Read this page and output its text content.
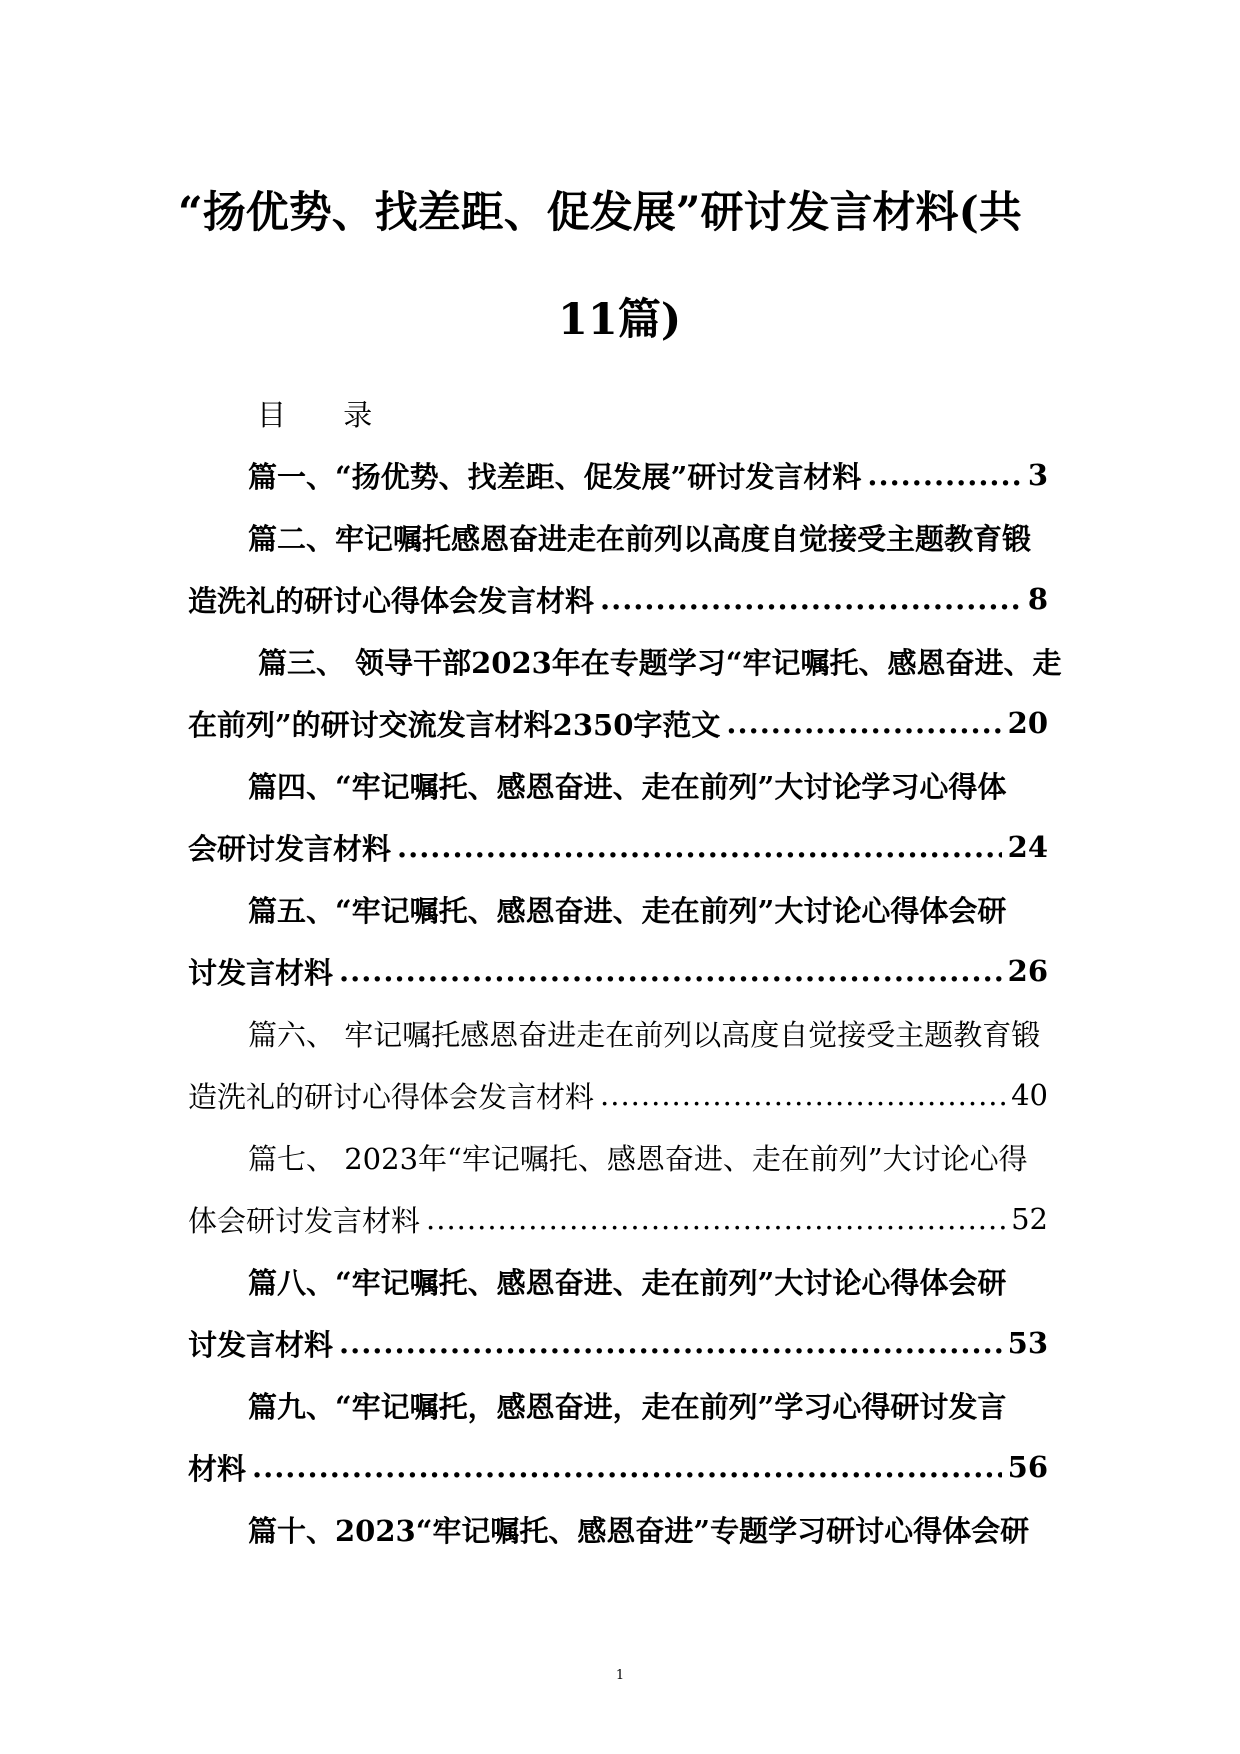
“扬优势、找差距、促发展”研讨发言材料(共
11篇)
目 录
篇一、“扬优势、找差距、促发展”研讨发言材料 .....	3
篇二、牢记嘱托感恩奋进走在前列以高度自觉接受主题教育锻
造洗礼的研讨心得体会发言材料 .....	8
篇三、 领导干部2023年在专题学习“牢记嘱托、感恩奋进、走
在前列”的研讨交流发言材料2350字范文 .....	20
篇四、“牢记嘱托、感恩奋进、走在前列”大讨论学习心得体
会研讨发言材料 .....	24
篇五、“牢记嘱托、感恩奋进、走在前列”大讨论心得体会研
讨发言材料 .....	26
篇六、 牢记嘱托感恩奋进走在前列以高度自觉接受主题教育锻
造洗礼的研讨心得体会发言材料 .....	40
篇七、 2023年“牢记嘱托、感恩奋进、走在前列”大讨论心得
体会研讨发言材料 .....	52
篇八、“牢记嘱托、感恩奋进、走在前列”大讨论心得体会研
讨发言材料 .....	53
篇九、“牢记嘱托，感恩奋进，走在前列”学习心得研讨发言
材料 .....	56
篇十、2023“牢记嘱托、感恩奋进”专题学习研讨心得体会研
1
